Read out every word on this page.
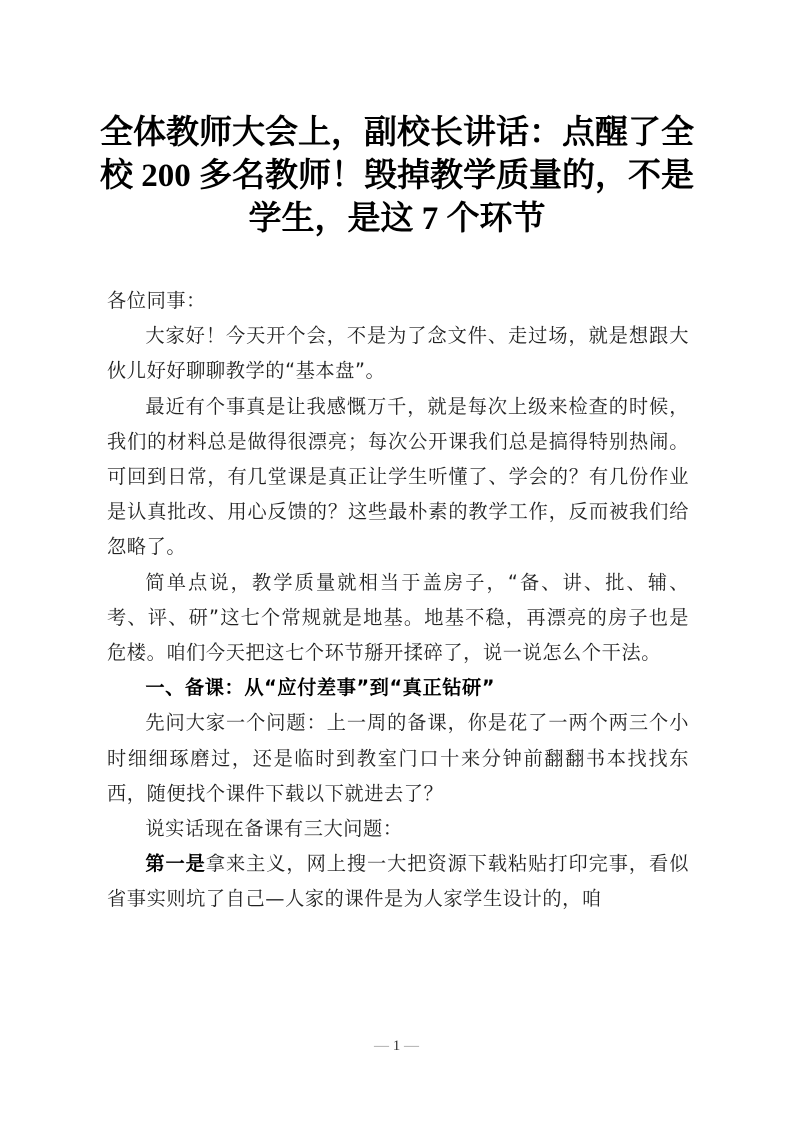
全体教师大会上，副校长讲话：点醒了全校 200 多名教师！毁掉教学质量的，不是学生，是这 7 个环节

各位同事：

大家好！今天开个会，不是为了念文件、走过场，就是想跟大伙儿好好聊聊教学的“基本盘”。

最近有个事真是让我感慨万千，就是每次上级来检查的时候，我们的材料总是做得很漂亮；每次公开课我们总是搞得特别热闹。可回到日常，有几堂课是真正让学生听懂了、学会的？有几份作业是认真批改、用心反馈的？这些最朴素的教学工作，反而被我们给忽略了。

简单点说，教学质量就相当于盖房子，“备、讲、批、辅、考、评、研”这七个常规就是地基。地基不稳，再漂亮的房子也是危楼。咱们今天把这七个环节掰开揉碎了，说一说怎么个干法。

一、备课：从“应付差事”到“真正钻研”

先问大家一个问题：上一周的备课，你是花了一两个两三个小时细细琢磨过，还是临时到教室门口十来分钟前翻翻书本找找东西，随便找个课件下载以下就进去了？

说实话现在备课有三大问题：

第一是拿来主义，网上搜一大把资源下载粘贴打印完事，看似省事实则坑了自己—人家的课件是为人家学生设计的，咱

— 1 —
